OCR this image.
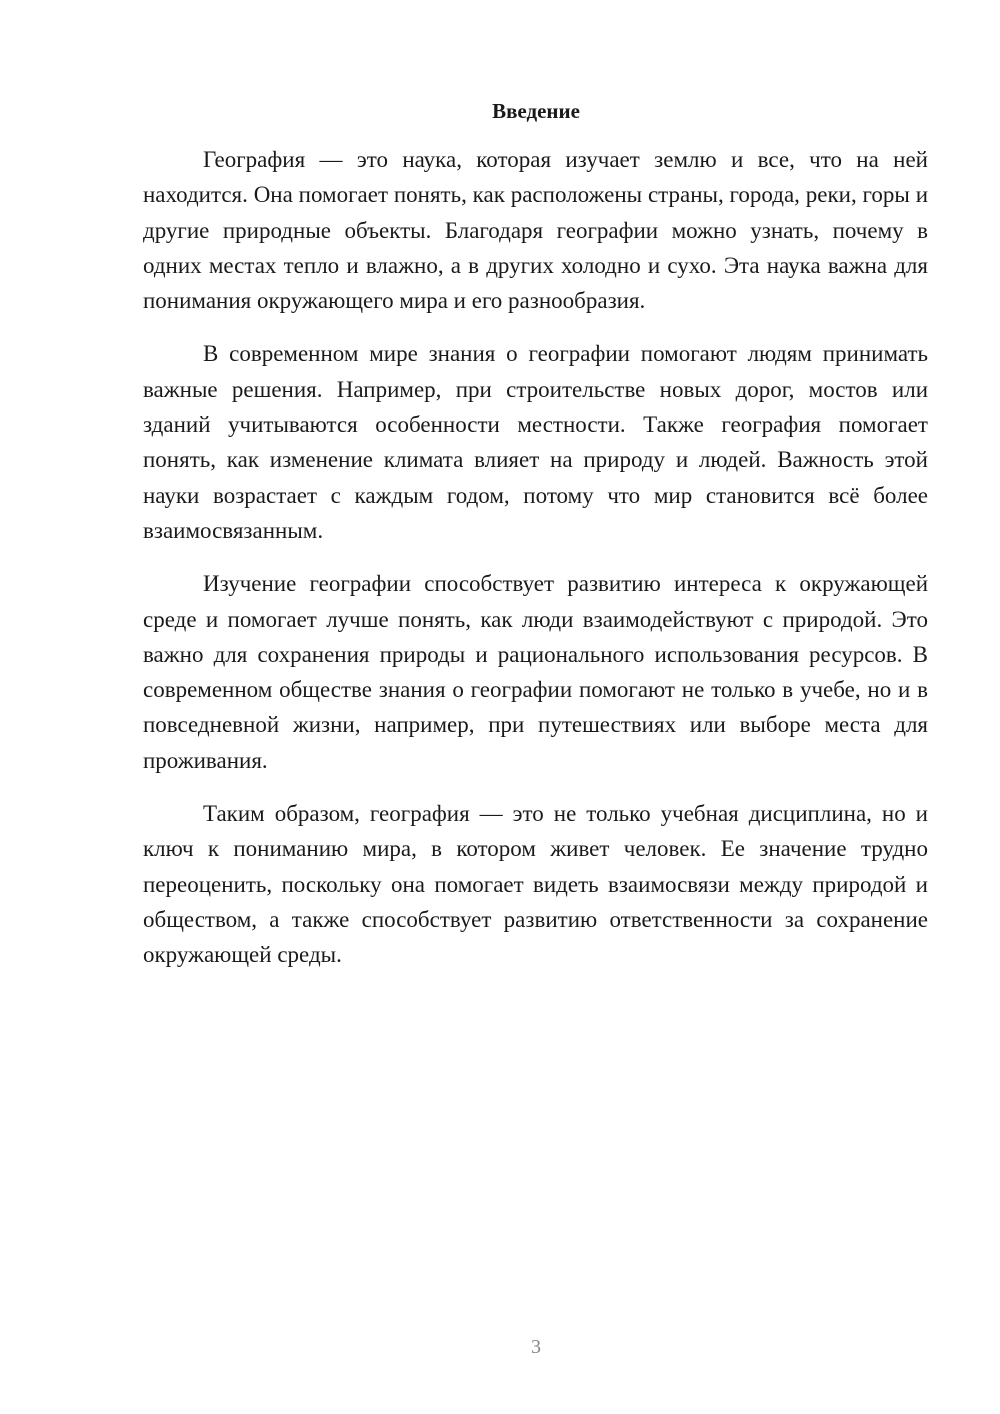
Введение

География — это наука, которая изучает землю и все, что на ней находится. Она помогает понять, как расположены страны, города, реки, горы и другие природные объекты. Благодаря географии можно узнать, почему в одних местах тепло и влажно, а в других холодно и сухо. Эта наука важна для понимания окружающего мира и его разнообразия.

В современном мире знания о географии помогают людям принимать важные решения. Например, при строительстве новых дорог, мостов или зданий учитываются особенности местности. Также география помогает понять, как изменение климата влияет на природу и людей. Важность этой науки возрастает с каждым годом, потому что мир становится всё более взаимосвязанным.

Изучение географии способствует развитию интереса к окружающей среде и помогает лучше понять, как люди взаимодействуют с природой. Это важно для сохранения природы и рационального использования ресурсов. В современном обществе знания о географии помогают не только в учебе, но и в повседневной жизни, например, при путешествиях или выборе места для проживания.

Таким образом, география — это не только учебная дисциплина, но и ключ к пониманию мира, в котором живет человек. Ее значение трудно переоценить, поскольку она помогает видеть взаимосвязи между природой и обществом, а также способствует развитию ответственности за сохранение окружающей среды.

3
